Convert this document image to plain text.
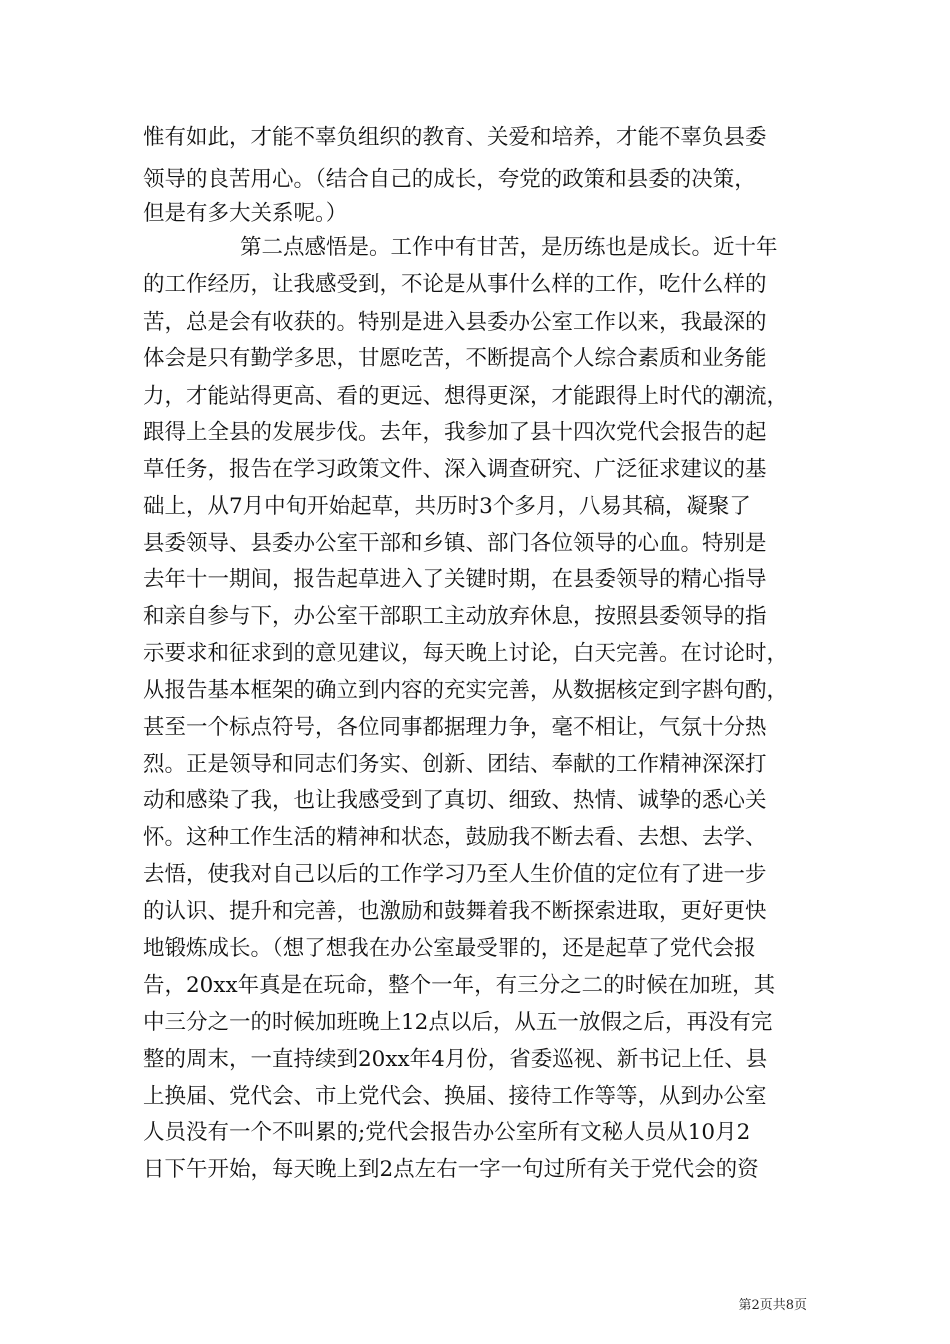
惟有如此，才能不辜负组织的教育、关爱和培养，才能不辜负县委
领导的良苦用心。（结合自己的成长，夸党的政策和县委的决策，
但是有多大关系呢。）
第二点感悟是。工作中有甘苦，是历练也是成长。近十年
的工作经历，让我感受到，不论是从事什么样的工作，吃什么样的
苦，总是会有收获的。特别是进入县委办公室工作以来，我最深的
体会是只有勤学多思，甘愿吃苦，不断提高个人综合素质和业务能
力，才能站得更高、看的更远、想得更深，才能跟得上时代的潮流，
跟得上全县的发展步伐。去年，我参加了县十四次党代会报告的起
草任务，报告在学习政策文件、深入调查研究、广泛征求建议的基
础上，从7月中旬开始起草，共历时3个多月，八易其稿，凝聚了
县委领导、县委办公室干部和乡镇、部门各位领导的心血。特别是
去年十一期间，报告起草进入了关键时期，在县委领导的精心指导
和亲自参与下，办公室干部职工主动放弃休息，按照县委领导的指
示要求和征求到的意见建议，每天晚上讨论，白天完善。在讨论时，
从报告基本框架的确立到内容的充实完善，从数据核定到字斟句酌，
甚至一个标点符号，各位同事都据理力争，毫不相让，气氛十分热
烈。正是领导和同志们务实、创新、团结、奉献的工作精神深深打
动和感染了我，也让我感受到了真切、细致、热情、诚挚的悉心关
怀。这种工作生活的精神和状态，鼓励我不断去看、去想、去学、
去悟，使我对自己以后的工作学习乃至人生价值的定位有了进一步
的认识、提升和完善，也激励和鼓舞着我不断探索进取，更好更快
地锻炼成长。（想了想我在办公室最受罪的，还是起草了党代会报
告，20xx年真是在玩命，整个一年，有三分之二的时候在加班，其
中三分之一的时候加班晚上12点以后，从五一放假之后，再没有完
整的周末，一直持续到20xx年4月份，省委巡视、新书记上任、县
上换届、党代会、市上党代会、换届、接待工作等等，从到办公室
人员没有一个不叫累的;党代会报告办公室所有文秘人员从10月2
日下午开始，每天晚上到2点左右一字一句过所有关于党代会的资
第2页共8页
